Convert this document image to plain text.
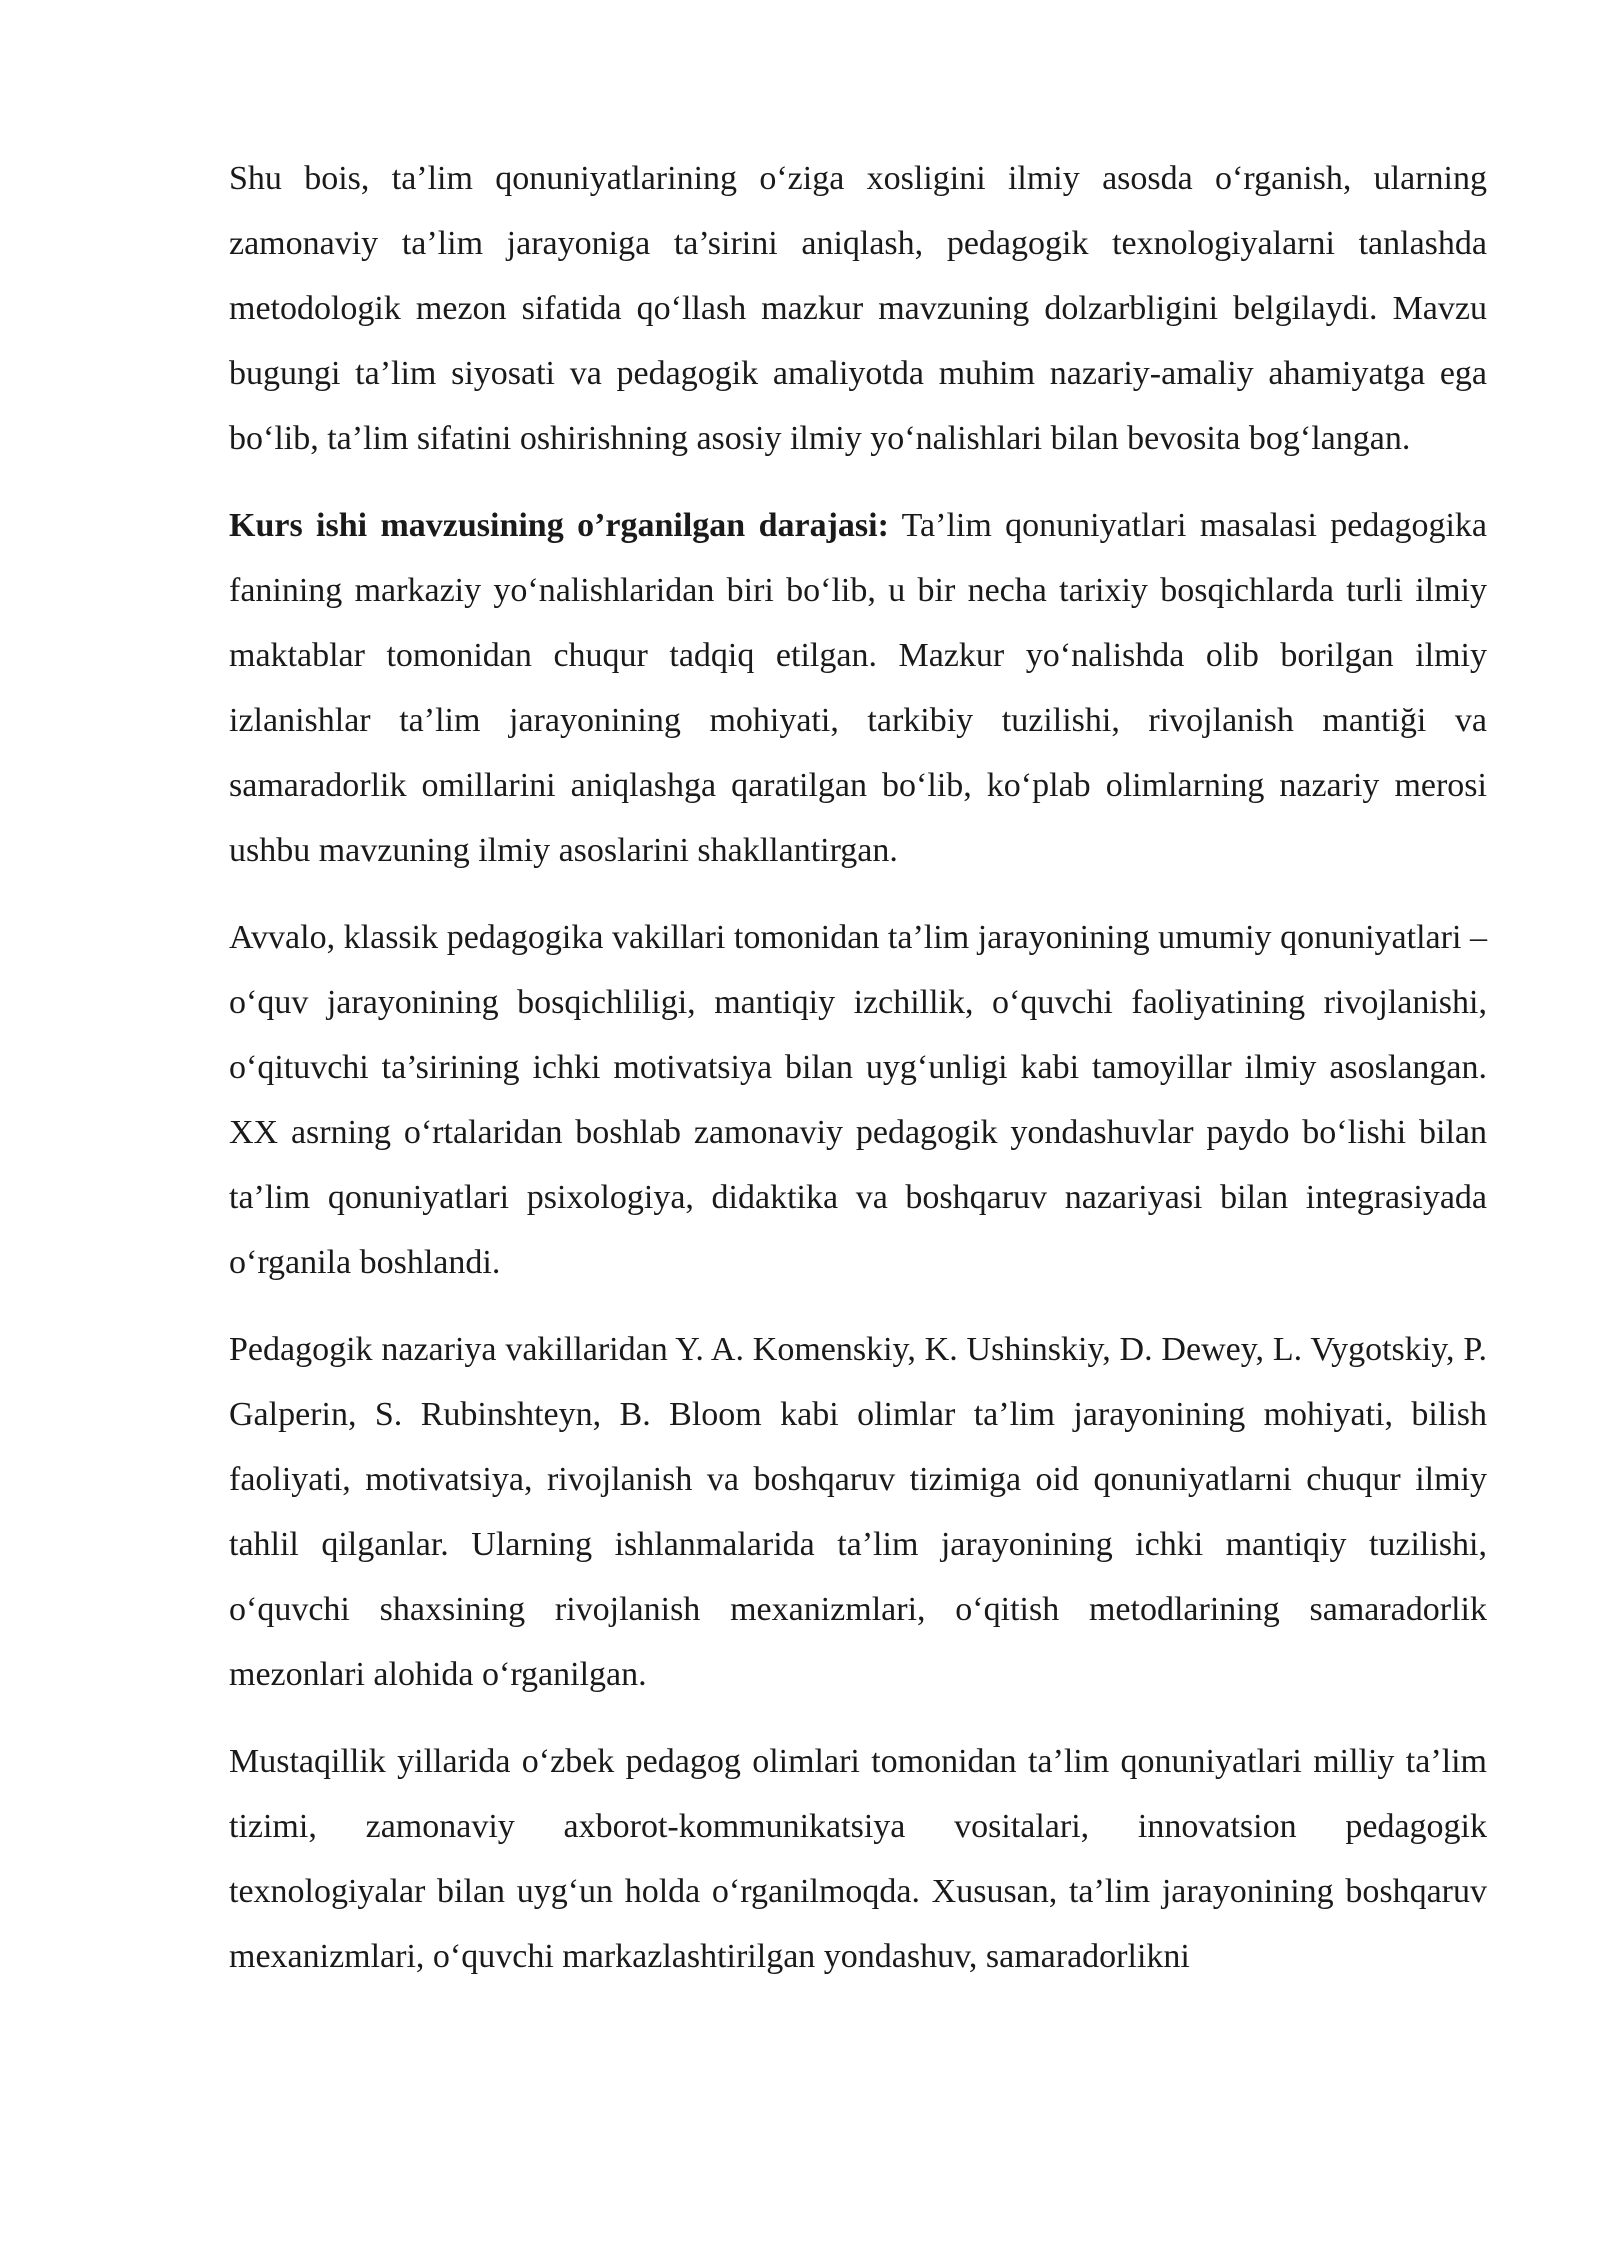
Shu bois, ta’lim qonuniyatlarining o‘ziga xosligini ilmiy asosda o‘rganish, ularning zamonaviy ta’lim jarayoniga ta’sirini aniqlash, pedagogik texnologiyalarni tanlashda metodologik mezon sifatida qo‘llash mazkur mavzuning dolzarbligini belgilaydi. Mavzu bugungi ta’lim siyosati va pedagogik amaliyotda muhim nazariy-amaliy ahamiyatga ega bo‘lib, ta’lim sifatini oshirishning asosiy ilmiy yo‘nalishlari bilan bevosita bog‘langan.

Kurs ishi mavzusining o’rganilgan darajasi: Ta’lim qonuniyatlari masalasi pedagogika fanining markaziy yo‘nalishlaridan biri bo‘lib, u bir necha tarixiy bosqichlarda turli ilmiy maktablar tomonidan chuqur tadqiq etilgan. Mazkur yo‘nalishda olib borilgan ilmiy izlanishlar ta’lim jarayonining mohiyati, tarkibiy tuzilishi, rivojlanish mantiği va samaradorlik omillarini aniqlashga qaratilgan bo‘lib, ko‘plab olimlarning nazariy merosi ushbu mavzuning ilmiy asoslarini shakllantirgan.

Avvalo, klassik pedagogika vakillari tomonidan ta’lim jarayonining umumiy qonuniyatlari – o‘quv jarayonining bosqichliligi, mantiqiy izchillik, o‘quvchi faoliyatining rivojlanishi, o‘qituvchi ta’sirining ichki motivatsiya bilan uyg‘unligi kabi tamoyillar ilmiy asoslangan. XX asrning o‘rtalaridan boshlab zamonaviy pedagogik yondashuvlar paydo bo‘lishi bilan ta’lim qonuniyatlari psixologiya, didaktika va boshqaruv nazariyasi bilan integrasiyada o‘rganila boshlandi.

Pedagogik nazariya vakillaridan Y. A. Komenskiy, K. Ushinskiy, D. Dewey, L. Vygotskiy, P. Galperin, S. Rubinshteyn, B. Bloom kabi olimlar ta’lim jarayonining mohiyati, bilish faoliyati, motivatsiya, rivojlanish va boshqaruv tizimiga oid qonuniyatlarni chuqur ilmiy tahlil qilganlar. Ularning ishlanmalarida ta’lim jarayonining ichki mantiqiy tuzilishi, o‘quvchi shaxsining rivojlanish mexanizmlari, o‘qitish metodlarining samaradorlik mezonlari alohida o‘rganilgan.

Mustaqillik yillarida o‘zbek pedagog olimlari tomonidan ta’lim qonuniyatlari milliy ta’lim tizimi, zamonaviy axborot-kommunikatsiya vositalari, innovatsion pedagogik texnologiyalar bilan uyg‘un holda o‘rganilmoqda. Xususan, ta’lim jarayonining boshqaruv mexanizmlari, o‘quvchi markazlashtirilgan yondashuv, samaradorlikni
